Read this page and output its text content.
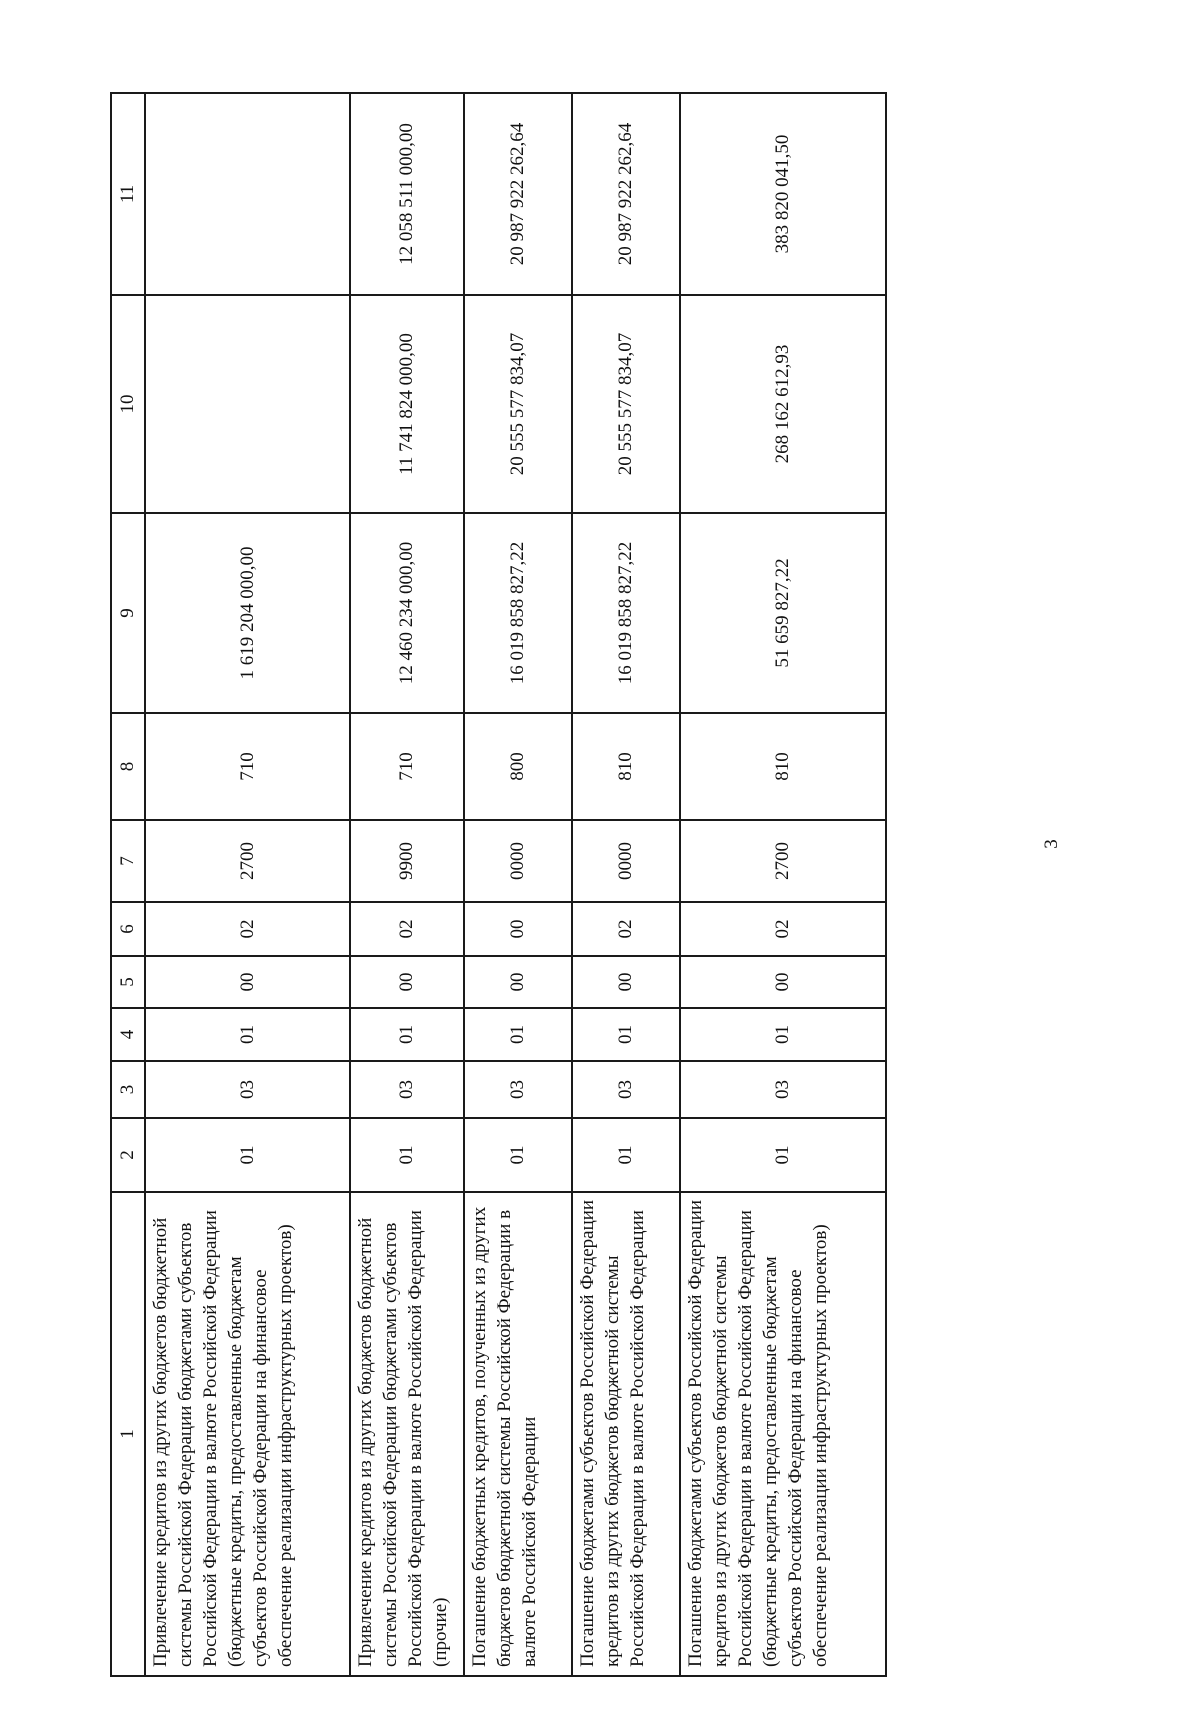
3
1	2	3	4	5	6	7	8	9	10	11
Привлечение кредитов из других бюджетов бюджетной системы Российской Федерации бюджетами субъектов Российской Федерации в валюте Российской Федерации (бюджетные кредиты, предоставленные бюджетам субъектов Российской Федерации на финансовое обеспечение реализации инфраструктурных проектов)	01	03	01	00	02	2700	710	1 619 204 000,00		
Привлечение кредитов из других бюджетов бюджетной системы Российской Федерации бюджетами субъектов Российской Федерации в валюте Российской Федерации (прочие)	01	03	01	00	02	9900	710	12 460 234 000,00	11 741 824 000,00	12 058 511 000,00
Погашение бюджетных кредитов, полученных из других бюджетов бюджетной системы Российской Федерации в валюте Российской Федерации	01	03	01	00	00	0000	800	16 019 858 827,22	20 555 577 834,07	20 987 922 262,64
Погашение бюджетами субъектов Российской Федерации кредитов из других бюджетов бюджетной системы Российской Федерации в валюте Российской Федерации	01	03	01	00	02	0000	810	16 019 858 827,22	20 555 577 834,07	20 987 922 262,64
Погашение бюджетами субъектов Российской Федерации кредитов из других бюджетов бюджетной системы Российской Федерации в валюте Российской Федерации (бюджетные кредиты, предоставленные бюджетам субъектов Российской Федерации на финансовое обеспечение реализации инфраструктурных проектов)	01	03	01	00	02	2700	810	51 659 827,22	268 162 612,93	383 820 041,50
